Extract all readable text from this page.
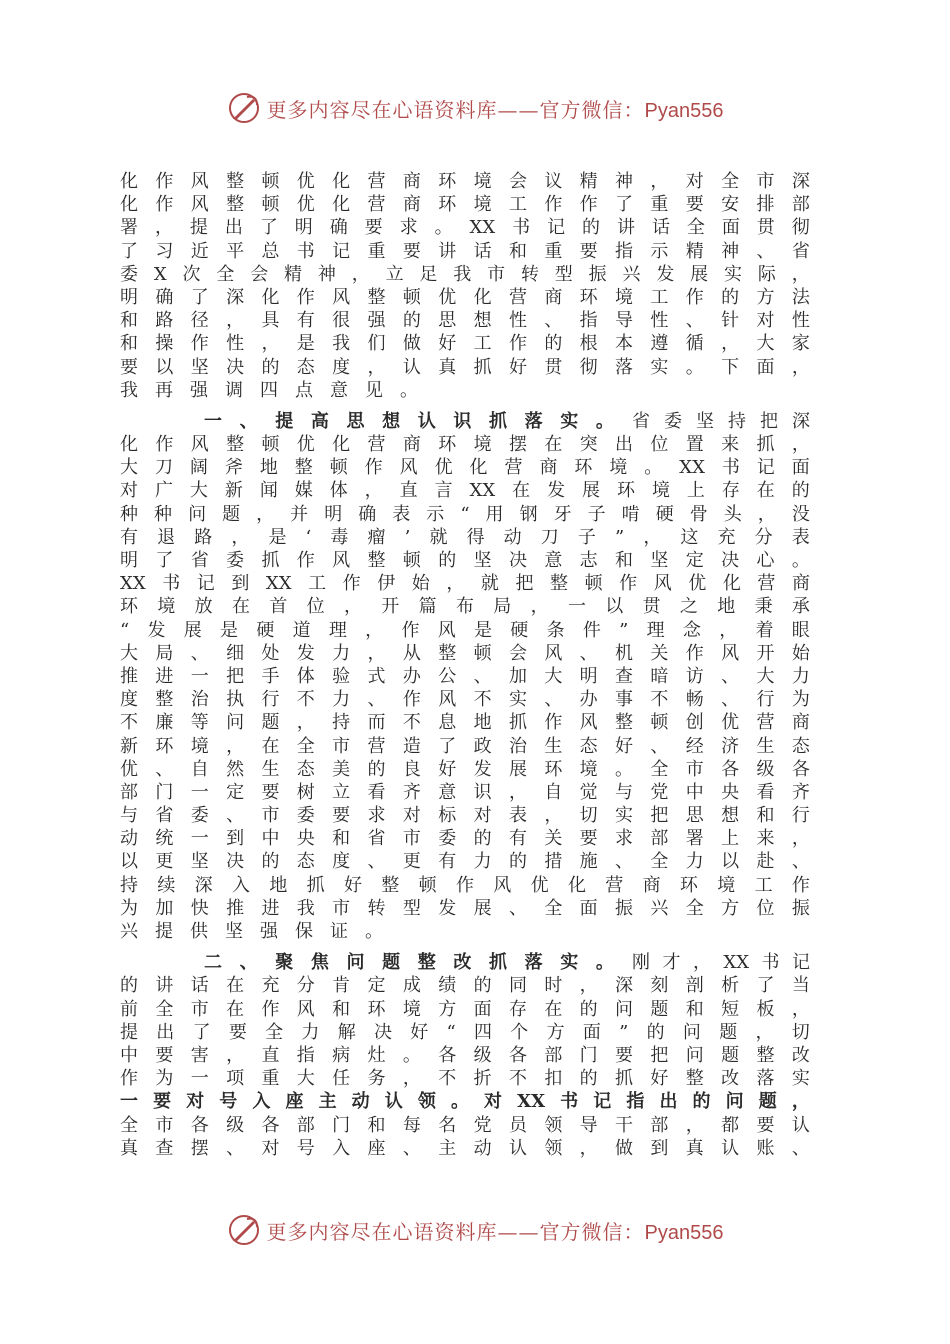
更多内容尽在心语资料库——官方微信：Pyan556
化 作 风 整 顿 优 化 营 商 环 境 会 议 精 神 ， 对 全 市 深
化 作 风 整 顿 优 化 营 商 环 境 工 作 作 了 重 要 安 排 部
署 ， 提 出 了 明 确 要 求 。 XX 书 记 的 讲 话 全 面 贯 彻
了 习 近 平 总 书 记 重 要 讲 话 和 重 要 指 示 精 神 、 省
委 X 次 全 会 精 神 ， 立 足 我 市 转 型 振 兴 发 展 实 际 ，
明 确 了 深 化 作 风 整 顿 优 化 营 商 环 境 工 作 的 方 法
和 路 径 ， 具 有 很 强 的 思 想 性 、 指 导 性 、 针 对 性
和 操 作 性 ， 是 我 们 做 好 工 作 的 根 本 遵 循 ， 大 家
要 以 坚 决 的 态 度 ， 认 真 抓 好 贯 彻 落 实 。 下 面 ，
我 再 强 调 四 点 意 见 。
一 、 提 高 思 想 认 识 抓 落 实 。 省 委 坚 持 把 深
化 作 风 整 顿 优 化 营 商 环 境 摆 在 突 出 位 置 来 抓 ，
大 刀 阔 斧 地 整 顿 作 风 优 化 营 商 环 境 。 XX 书 记 面
对 广 大 新 闻 媒 体 ， 直 言 XX 在 发 展 环 境 上 存 在 的
种 种 问 题 ， 并 明 确 表 示 “ 用 钢 牙 子 啃 硬 骨 头 ， 没
有 退 路 ， 是 ‘ 毒 瘤 ’ 就 得 动 刀 子 ” ， 这 充 分 表
明 了 省 委 抓 作 风 整 顿 的 坚 决 意 志 和 坚 定 决 心 。
XX 书 记 到 XX 工 作 伊 始 ， 就 把 整 顿 作 风 优 化 营 商
环 境 放 在 首 位 ， 开 篇 布 局 ， 一 以 贯 之 地 秉 承
“ 发 展 是 硬 道 理 ， 作 风 是 硬 条 件 ” 理 念 ， 着 眼
大 局 、 细 处 发 力 ， 从 整 顿 会 风 、 机 关 作 风 开 始
推 进 一 把 手 体 验 式 办 公 、 加 大 明 查 暗 访 、 大 力
度 整 治 执 行 不 力 、 作 风 不 实 、 办 事 不 畅 、 行 为
不 廉 等 问 题 ， 持 而 不 息 地 抓 作 风 整 顿 创 优 营 商
新 环 境 ， 在 全 市 营 造 了 政 治 生 态 好 、 经 济 生 态
优 、 自 然 生 态 美 的 良 好 发 展 环 境 。 全 市 各 级 各
部 门 一 定 要 树 立 看 齐 意 识 ， 自 觉 与 党 中 央 看 齐
与 省 委 、 市 委 要 求 对 标 对 表 ， 切 实 把 思 想 和 行
动 统 一 到 中 央 和 省 市 委 的 有 关 要 求 部 署 上 来 ，
以 更 坚 决 的 态 度 、 更 有 力 的 措 施 、 全 力 以 赴 、
持 续 深 入 地 抓 好 整 顿 作 风 优 化 营 商 环 境 工 作
为 加 快 推 进 我 市 转 型 发 展 、 全 面 振 兴 全 方 位 振
兴 提 供 坚 强 保 证 。
二 、 聚 焦 问 题 整 改 抓 落 实 。 刚 才 ， XX 书 记
的 讲 话 在 充 分 肯 定 成 绩 的 同 时 ， 深 刻 剖 析 了 当
前 全 市 在 作 风 和 环 境 方 面 存 在 的 问 题 和 短 板 ，
提 出 了 要 全 力 解 决 好 “ 四 个 方 面 ” 的 问 题 ， 切
中 要 害 ， 直 指 病 灶 。 各 级 各 部 门 要 把 问 题 整 改
作 为 一 项 重 大 任 务 ， 不 折 不 扣 的 抓 好 整 改 落 实
一 要 对 号 入 座 主 动 认 领 。 对 XX 书 记 指 出 的 问 题 ，
全 市 各 级 各 部 门 和 每 名 党 员 领 导 干 部 ， 都 要 认
真 查 摆 、 对 号 入 座 、 主 动 认 领 ， 做 到 真 认 账 、
更多内容尽在心语资料库——官方微信：Pyan556
